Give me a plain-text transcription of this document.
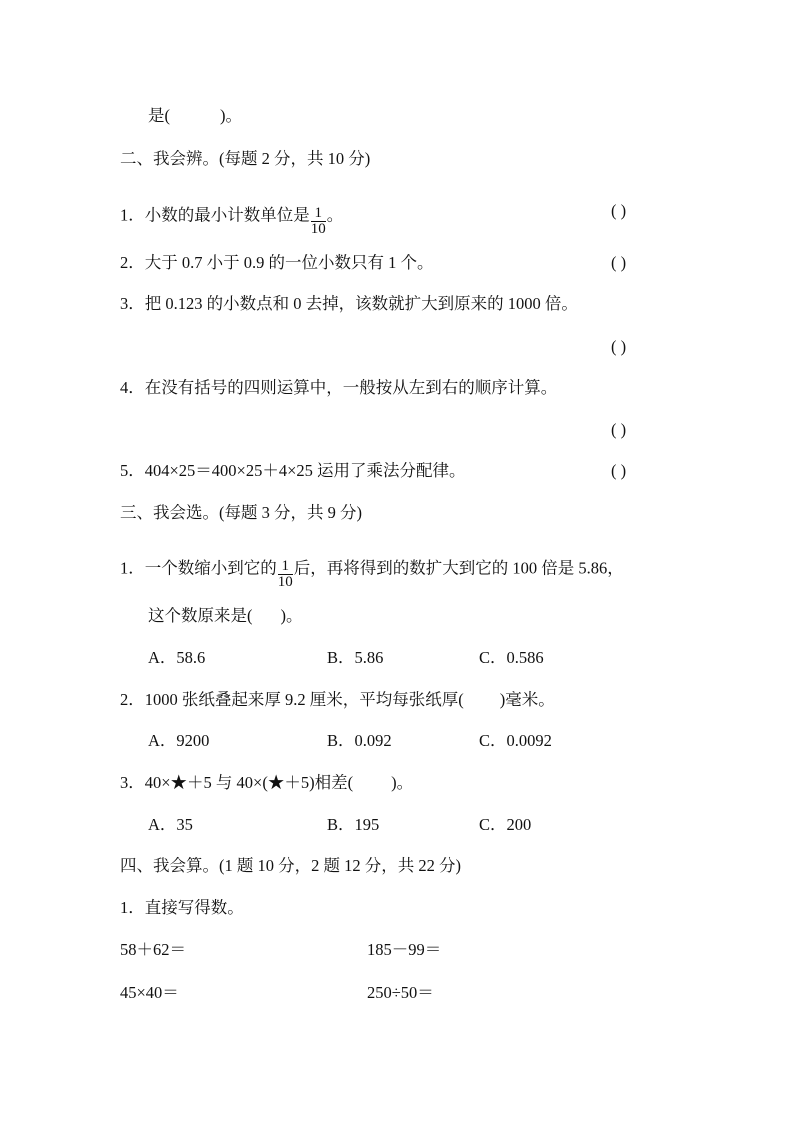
是(	)。
二、我会辨。(每题 2 分，共 10 分)
1．小数的最小计数单位是 $\frac{1}{10}$ 。	( )
2．大于 0.7 小于 0.9 的一位小数只有 1 个。	( )
3．把 0.123 的小数点和 0 去掉，该数就扩大到原来的 1000 倍。
( )
4．在没有括号的四则运算中，一般按从左到右的顺序计算。
( )
5．404×25＝400×25＋4×25 运用了乘法分配律。	( )
三、我会选。(每题 3 分，共 9 分)
1．一个数缩小到它的 $\frac{1}{10}$ 后，再将得到的数扩大到它的 100 倍是 5.86，
这个数原来是( )。
A．58.6	B．5.86	C．0.586
2．1000 张纸叠起来厚 9.2 厘米，平均每张纸厚( )毫米。
A．9200	B．0.092	C．0.0092
3．40×★＋5 与 40×(★＋5)相差( )。
A．35	B．195	C．200
四、我会算。(1 题 10 分，2 题 12 分，共 22 分)
1．直接写得数。
58＋62＝	185－99＝
45×40＝	250÷50＝
